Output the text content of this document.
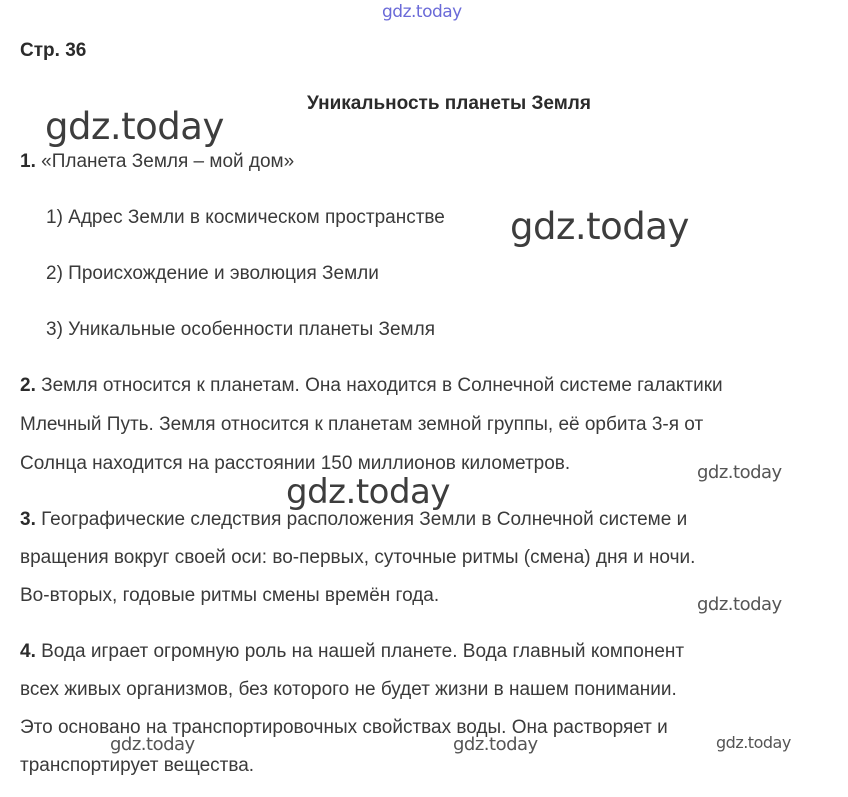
Стр. 36
Уникальность планеты Земля
1. «Планета Земля – мой дом»
1) Адрес Земли в космическом пространстве
2) Происхождение и эволюция Земли
3) Уникальные особенности планеты Земля
2. Земля относится к планетам. Она находится в Солнечной системе галактики
Млечный Путь. Земля относится к планетам земной группы, её орбита 3-я от
Солнца находится на расстоянии 150 миллионов километров.
3. Географические следствия расположения Земли в Солнечной системе и
вращения вокруг своей оси: во-первых, суточные ритмы (смена) дня и ночи.
Во-вторых, годовые ритмы смены времён года.
4. Вода играет огромную роль на нашей планете. Вода главный компонент
всех живых организмов, без которого не будет жизни в нашем понимании.
Это основано на транспортировочных свойствах воды. Она растворяет и
транспортирует вещества.
gdz.today
gdz.today
gdz.today
gdz.today
gdz.today
gdz.today
gdz.today	gdz.today	gdz.today
